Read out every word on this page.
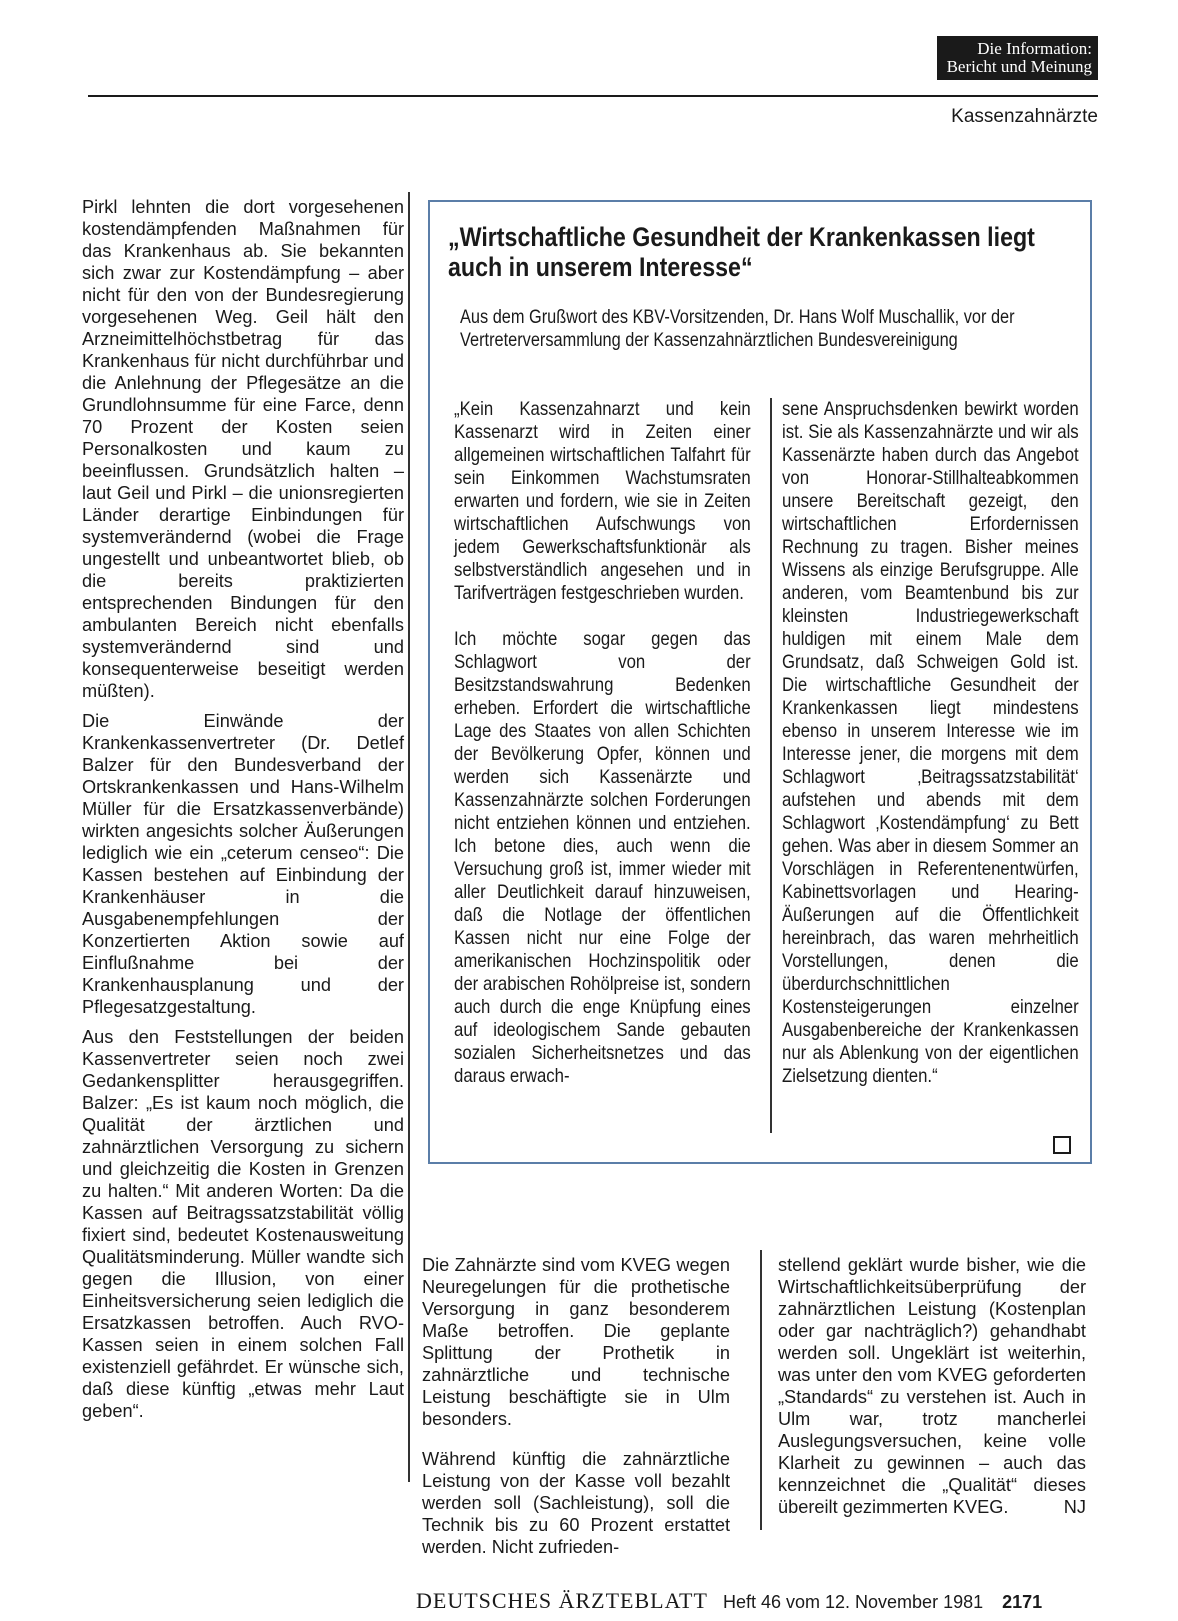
Die Information:
Bericht und Meinung
Kassenzahnärzte

Pirkl lehnten die dort vorgesehenen kostendämpfenden Maßnahmen für das Krankenhaus ab. Sie bekannten sich zwar zur Kostendämpfung – aber nicht für den von der Bundesregierung vorgesehenen Weg. Geil hält den Arzneimittelhöchstbetrag für das Krankenhaus für nicht durchführbar und die Anlehnung der Pflegesätze an die Grundlohnsumme für eine Farce, denn 70 Prozent der Kosten seien Personalkosten und kaum zu beeinflussen. Grundsätzlich halten – laut Geil und Pirkl – die unionsregierten Länder derartige Einbindungen für systemverändernd (wobei die Frage ungestellt und unbeantwortet blieb, ob die bereits praktizierten entsprechenden Bindungen für den ambulanten Bereich nicht ebenfalls systemverändernd sind und konsequenterweise beseitigt werden müßten).

Die Einwände der Krankenkassenvertreter (Dr. Detlef Balzer für den Bundesverband der Ortskrankenkassen und Hans-Wilhelm Müller für die Ersatzkassenverbände) wirkten angesichts solcher Äußerungen lediglich wie ein „ceterum censeo“: Die Kassen bestehen auf Einbindung der Krankenhäuser in die Ausgabenempfehlungen der Konzertierten Aktion sowie auf Einflußnahme bei der Krankenhausplanung und der Pflegesatzgestaltung.

Aus den Feststellungen der beiden Kassenvertreter seien noch zwei Gedankensplitter herausgegriffen. Balzer: „Es ist kaum noch möglich, die Qualität der ärztlichen und zahnärztlichen Versorgung zu sichern und gleichzeitig die Kosten in Grenzen zu halten.“ Mit anderen Worten: Da die Kassen auf Beitragssatzstabilität völlig fixiert sind, bedeutet Kostenausweitung Qualitätsminderung. Müller wandte sich gegen die Illusion, von einer Einheitsversicherung seien lediglich die Ersatzkassen betroffen. Auch RVO-Kassen seien in einem solchen Fall existenziell gefährdet. Er wünsche sich, daß diese künftig „etwas mehr Laut geben“.

„Wirtschaftliche Gesundheit der Krankenkassen liegt auch in unserem Interesse“
Aus dem Grußwort des KBV-Vorsitzenden, Dr. Hans Wolf Muschallik, vor der Vertreterversammlung der Kassenzahnärztlichen Bundesvereinigung

„Kein Kassenzahnarzt und kein Kassenarzt wird in Zeiten einer allgemeinen wirtschaftlichen Talfahrt für sein Einkommen Wachstumsraten erwarten und fordern, wie sie in Zeiten wirtschaftlichen Aufschwungs von jedem Gewerkschaftsfunktionär als selbstverständlich angesehen und in Tarifverträgen festgeschrieben wurden.

Ich möchte sogar gegen das Schlagwort von der Besitzstandswahrung Bedenken erheben. Erfordert die wirtschaftliche Lage des Staates von allen Schichten der Bevölkerung Opfer, können und werden sich Kassenärzte und Kassenzahnärzte solchen Forderungen nicht entziehen können und entziehen. Ich betone dies, auch wenn die Versuchung groß ist, immer wieder mit aller Deutlichkeit darauf hinzuweisen, daß die Notlage der öffentlichen Kassen nicht nur eine Folge der amerikanischen Hochzinspolitik oder der arabischen Rohölpreise ist, sondern auch durch die enge Knüpfung eines auf ideologischem Sande gebauten sozialen Sicherheitsnetzes und das daraus erwach-

sene Anspruchsdenken bewirkt worden ist. Sie als Kassenzahnärzte und wir als Kassenärzte haben durch das Angebot von Honorar-Stillhalteabkommen unsere Bereitschaft gezeigt, den wirtschaftlichen Erfordernissen Rechnung zu tragen. Bisher meines Wissens als einzige Berufsgruppe. Alle anderen, vom Beamtenbund bis zur kleinsten Industriegewerkschaft huldigen mit einem Male dem Grundsatz, daß Schweigen Gold ist. Die wirtschaftliche Gesundheit der Krankenkassen liegt mindestens ebenso in unserem Interesse wie im Interesse jener, die morgens mit dem Schlagwort ‚Beitragssatzstabilität‘ aufstehen und abends mit dem Schlagwort ‚Kostendämpfung‘ zu Bett gehen. Was aber in diesem Sommer an Vorschlägen in Referentenentwürfen, Kabinettsvorlagen und Hearing-Äußerungen auf die Öffentlichkeit hereinbrach, das waren mehrheitlich Vorstellungen, denen die überdurchschnittlichen Kostensteigerungen einzelner Ausgabenbereiche der Krankenkassen nur als Ablenkung von der eigentlichen Zielsetzung dienten.“

Die Zahnärzte sind vom KVEG wegen Neuregelungen für die prothetische Versorgung in ganz besonderem Maße betroffen. Die geplante Splittung der Prothetik in zahnärztliche und technische Leistung beschäftigte sie in Ulm besonders.

Während künftig die zahnärztliche Leistung von der Kasse voll bezahlt werden soll (Sachleistung), soll die Technik bis zu 60 Prozent erstattet werden. Nicht zufrieden-

stellend geklärt wurde bisher, wie die Wirtschaftlichkeitsüberprüfung der zahnärztlichen Leistung (Kostenplan oder gar nachträglich?) gehandhabt werden soll. Ungeklärt ist weiterhin, was unter den vom KVEG geforderten „Standards“ zu verstehen ist. Auch in Ulm war, trotz mancherlei Auslegungsversuchen, keine volle Klarheit zu gewinnen – auch das kennzeichnet die „Qualität“ dieses übereilt gezimmerten KVEG.	NJ

DEUTSCHES ÄRZTEBLATT Heft 46 vom 12. November 1981 2171
